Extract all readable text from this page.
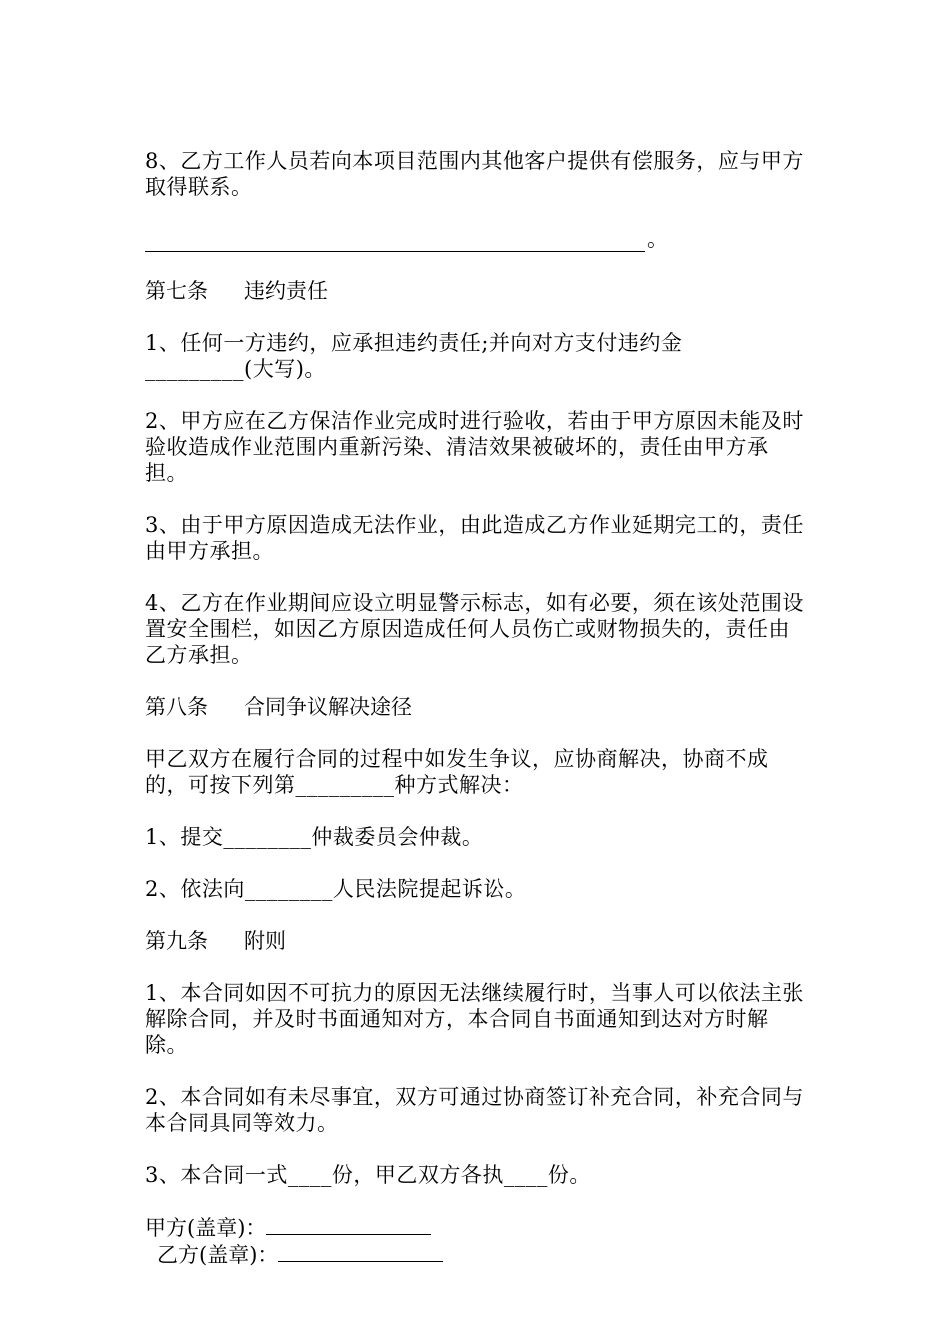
8、乙方工作人员若向本项目范围内其他客户提供有偿服务，应与甲方取得联系。

。

第七条 违约责任

1、任何一方违约，应承担违约责任;并向对方支付违约金_________(大写)。

2、甲方应在乙方保洁作业完成时进行验收，若由于甲方原因未能及时验收造成作业范围内重新污染、清洁效果被破坏的，责任由甲方承担。

3、由于甲方原因造成无法作业，由此造成乙方作业延期完工的，责任由甲方承担。

4、乙方在作业期间应设立明显警示标志，如有必要，须在该处范围设置安全围栏，如因乙方原因造成任何人员伤亡或财物损失的，责任由乙方承担。

第八条 合同争议解决途径

甲乙双方在履行合同的过程中如发生争议，应协商解决，协商不成的，可按下列第_________种方式解决：

1、提交________仲裁委员会仲裁。

2、依法向________人民法院提起诉讼。

第九条 附则

1、本合同如因不可抗力的原因无法继续履行时，当事人可以依法主张解除合同，并及时书面通知对方，本合同自书面通知到达对方时解除。

2、本合同如有未尽事宜，双方可通过协商签订补充合同，补充合同与本合同具同等效力。

3、本合同一式____份，甲乙双方各执____份。

甲方(盖章)：

乙方(盖章)：
